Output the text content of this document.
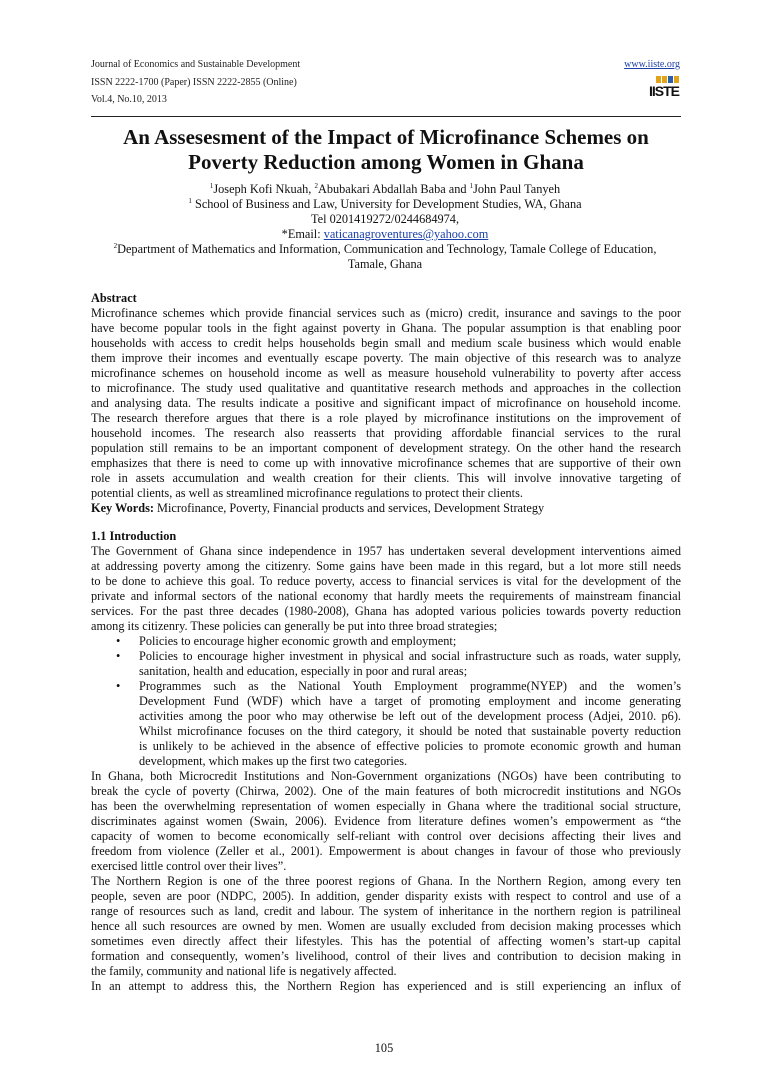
Journal of Economics and Sustainable Development
ISSN 2222-1700 (Paper) ISSN 2222-2855 (Online)
Vol.4, No.10, 2013
www.iiste.org
IISTE
An Assesesment of the Impact of Microfinance Schemes on
Poverty Reduction among Women in Ghana
$^1$Joseph Kofi Nkuah, $^2$Abubakari Abdallah Baba and $^1$John Paul Tanyeh
$^1$ School of Business and Law, University for Development Studies, WA, Ghana
Tel 0201419272/0244684974,
*Email: vaticanagroventures@yahoo.com
$^2$Department of Mathematics and Information, Communication and Technology, Tamale College of Education,
Tamale, Ghana
Abstract
Microfinance schemes which provide financial services such as (micro) credit, insurance and savings to the poor
have become popular tools in the fight against poverty in Ghana. The popular assumption is that enabling poor
households with access to credit helps households begin small and medium scale business which would enable
them improve their incomes and eventually escape poverty. The main objective of this research was to analyze
microfinance schemes on household income as well as measure household vulnerability to poverty after access
to microfinance. The study used qualitative and quantitative research methods and approaches in the collection
and analysing data. The results indicate a positive and significant impact of microfinance on household income.
The research therefore argues that there is a role played by microfinance institutions on the improvement of
household incomes. The research also reasserts that providing affordable financial services to the rural
population still remains to be an important component of development strategy. On the other hand the research
emphasizes that there is need to come up with innovative microfinance schemes that are supportive of their own
role in assets accumulation and wealth creation for their clients. This will involve innovative targeting of
potential clients, as well as streamlined microfinance regulations to protect their clients.
Key Words: Microfinance, Poverty, Financial products and services, Development Strategy
1.1 Introduction
The Government of Ghana since independence in 1957 has undertaken several development interventions aimed
at addressing poverty among the citizenry. Some gains have been made in this regard, but a lot more still needs
to be done to achieve this goal. To reduce poverty, access to financial services is vital for the development of the
private and informal sectors of the national economy that hardly meets the requirements of mainstream financial
services. For the past three decades (1980-2008), Ghana has adopted various policies towards poverty reduction
among its citizenry. These policies can generally be put into three broad strategies;
• Policies to encourage higher economic growth and employment;
• Policies to encourage higher investment in physical and social infrastructure such as roads, water supply,
sanitation, health and education, especially in poor and rural areas;
• Programmes such as the National Youth Employment programme(NYEP) and the women’s
Development Fund (WDF) which have a target of promoting employment and income generating
activities among the poor who may otherwise be left out of the development process (Adjei, 2010. p6).
Whilst microfinance focuses on the third category, it should be noted that sustainable poverty reduction
is unlikely to be achieved in the absence of effective policies to promote economic growth and human
development, which makes up the first two categories.
In Ghana, both Microcredit Institutions and Non-Government organizations (NGOs) have been contributing to
break the cycle of poverty (Chirwa, 2002). One of the main features of both microcredit institutions and NGOs
has been the overwhelming representation of women especially in Ghana where the traditional social structure,
discriminates against women (Swain, 2006). Evidence from literature defines women’s empowerment as “the
capacity of women to become economically self-reliant with control over decisions affecting their lives and
freedom from violence (Zeller et al., 2001). Empowerment is about changes in favour of those who previously
exercised little control over their lives”.
The Northern Region is one of the three poorest regions of Ghana. In the Northern Region, among every ten
people, seven are poor (NDPC, 2005). In addition, gender disparity exists with respect to control and use of a
range of resources such as land, credit and labour. The system of inheritance in the northern region is patrilineal
hence all such resources are owned by men. Women are usually excluded from decision making processes which
sometimes even directly affect their lifestyles. This has the potential of affecting women’s start-up capital
formation and consequently, women’s livelihood, control of their lives and contribution to decision making in
the family, community and national life is negatively affected.
In an attempt to address this, the Northern Region has experienced and is still experiencing an influx of
105
